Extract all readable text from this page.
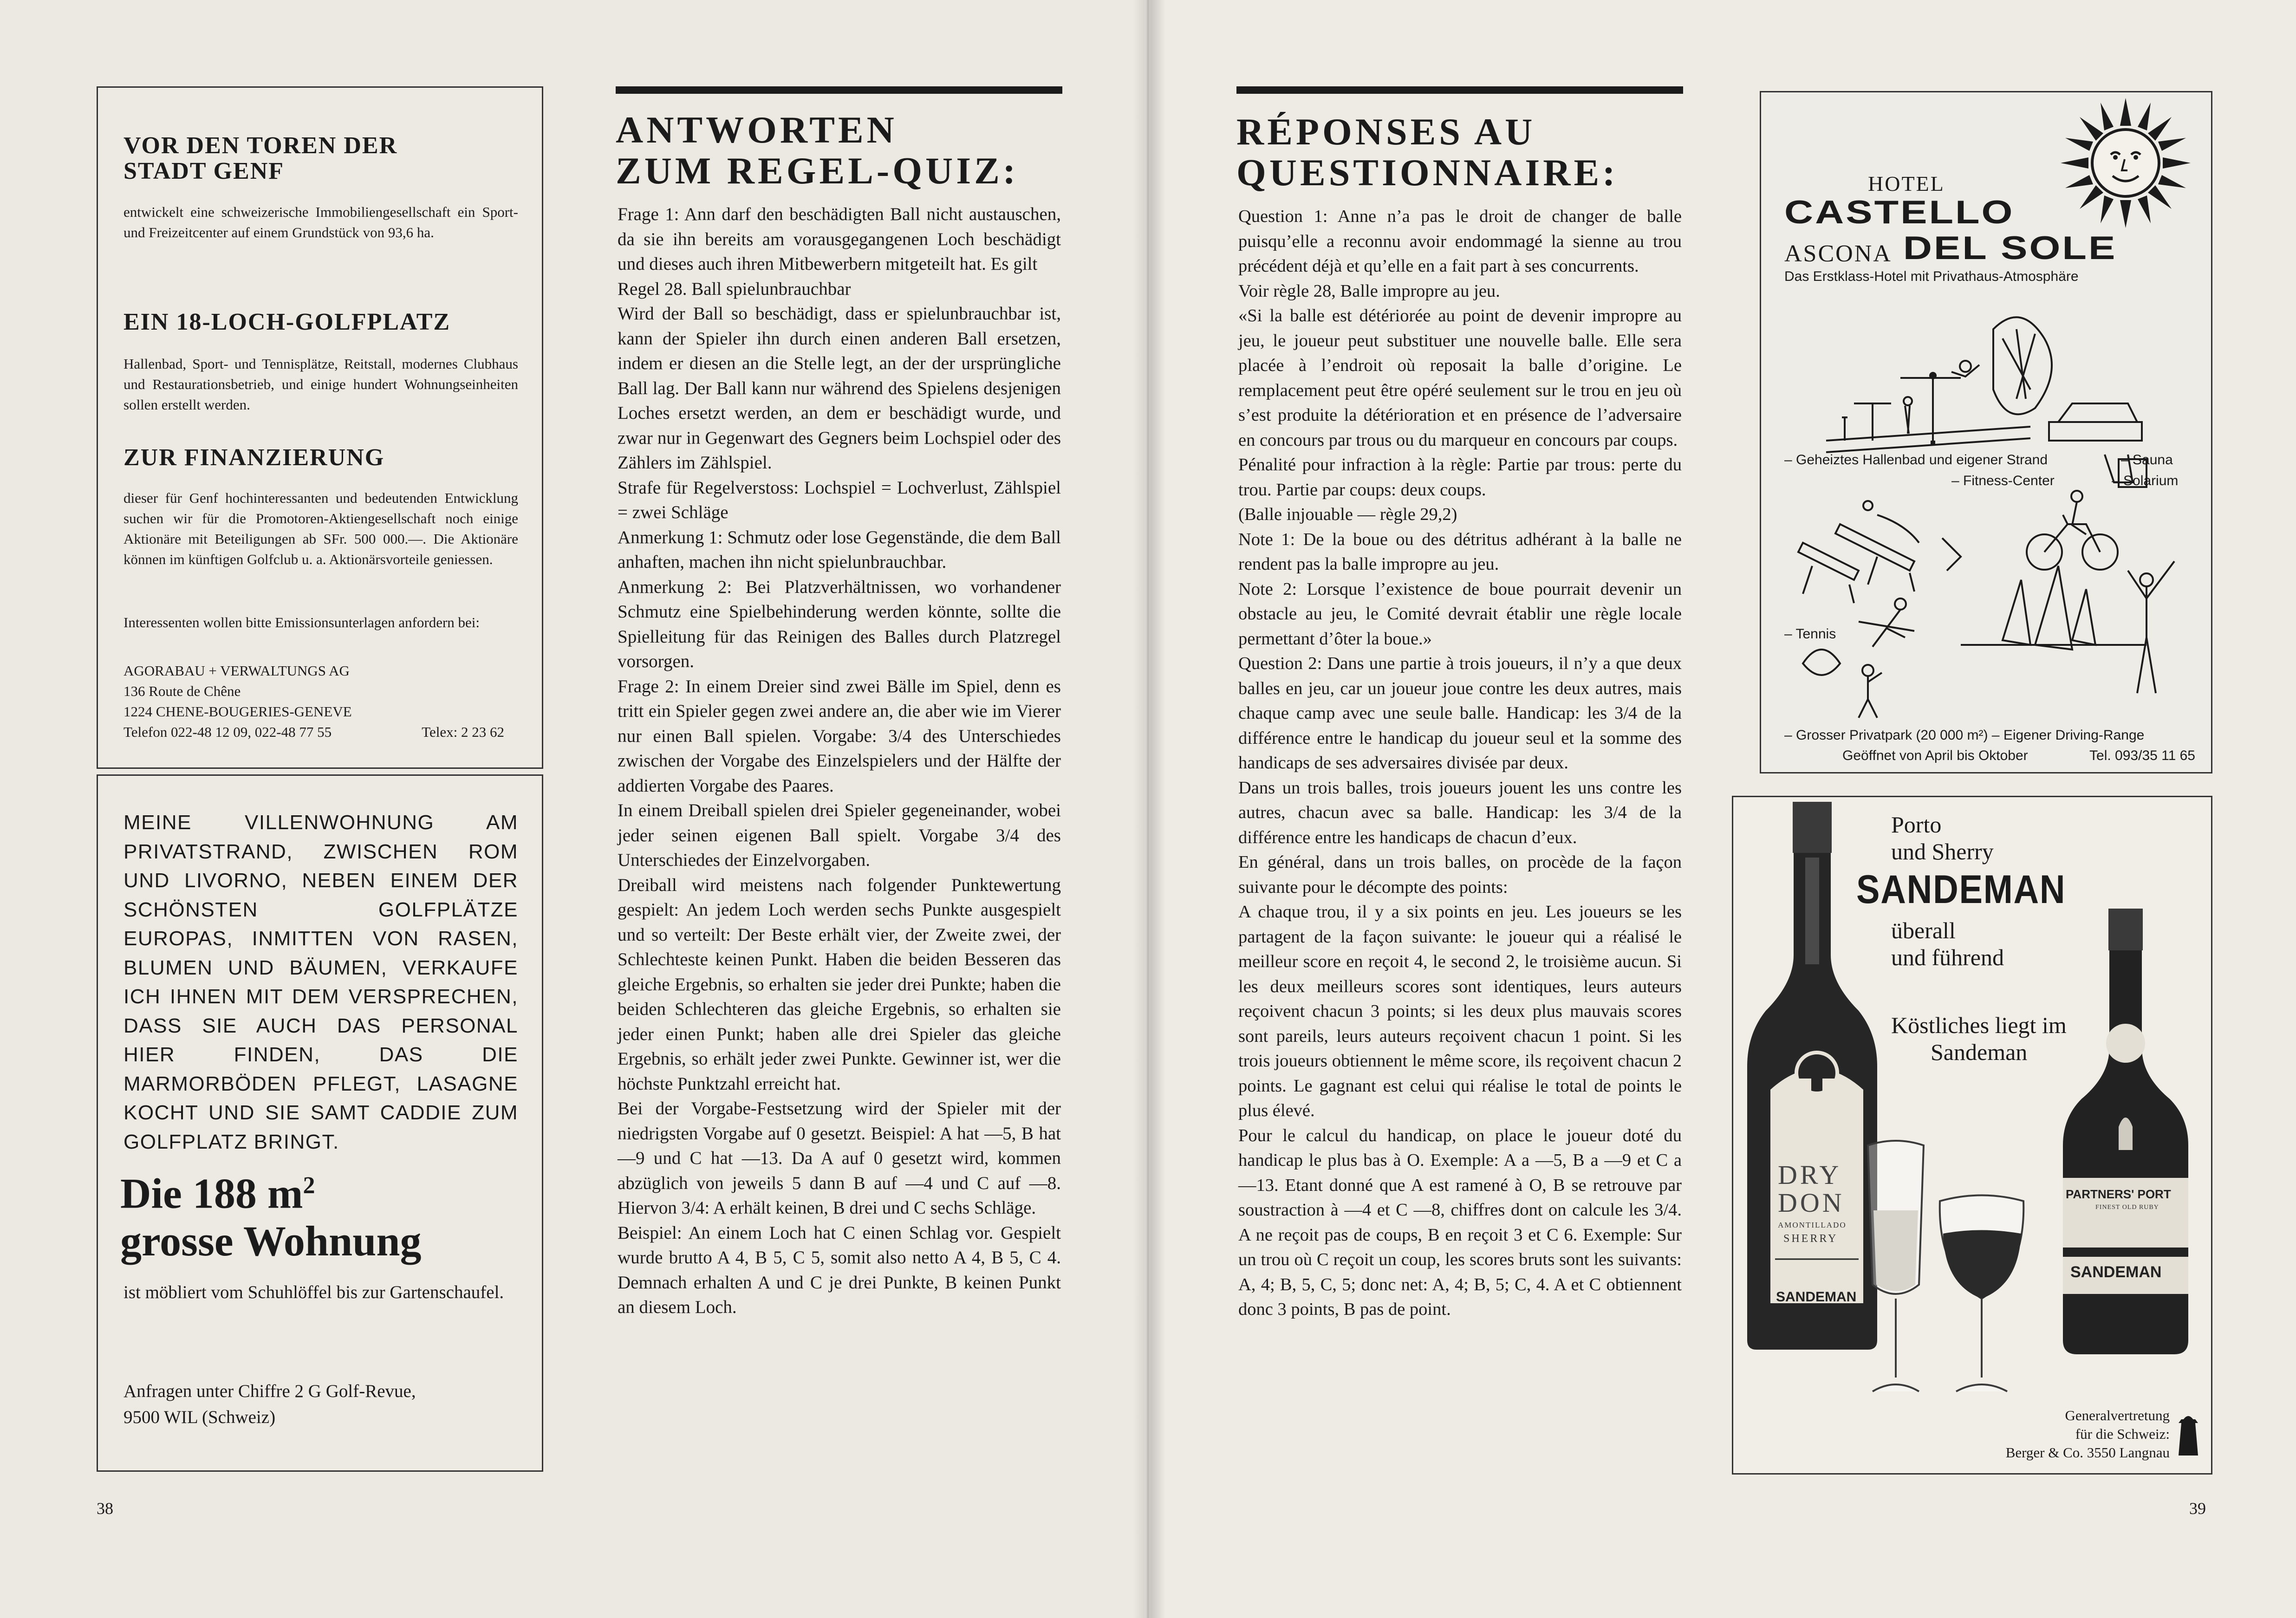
VOR DEN TOREN DER STADT GENF
entwickelt eine schweizerische Immobiliengesellschaft ein Sport- und Freizeitcenter auf einem Grundstück von 93,6 ha.
EIN 18-LOCH-GOLFPLATZ
Hallenbad, Sport- und Tennisplätze, Reitstall, modernes Clubhaus und Restaurationsbetrieb, und einige hundert Wohnungseinheiten sollen erstellt werden.
ZUR FINANZIERUNG
dieser für Genf hochinteressanten und bedeutenden Entwicklung suchen wir für die Promotoren-Aktiengesellschaft noch einige Aktionäre mit Beteiligungen ab SFr. 500 000.—. Die Aktionäre können im künftigen Golfclub u. a. Aktionärsvorteile geniessen.
Interessenten wollen bitte Emissionsunterlagen anfordern bei:
AGORABAU + VERWALTUNGS AG
136 Route de Chêne
1224 CHENE-BOUGERIES-GENEVE
Telefon 022-48 12 09, 022-48 77 55	Telex: 2 23 62
MEINE VILLENWOHNUNG AM PRIVATSTRAND, ZWISCHEN ROM UND LIVORNO, NEBEN EINEM DER SCHÖNSTEN GOLFPLÄTZE EUROPAS, INMITTEN VON RASEN, BLUMEN UND BÄUMEN, VERKAUFE ICH IHNEN MIT DEM VERSPRECHEN, DASS SIE AUCH DAS PERSONAL HIER FINDEN, DAS DIE MARMORBÖDEN PFLEGT, LASAGNE KOCHT UND SIE SAMT CADDIE ZUM GOLFPLATZ BRINGT.
Die 188 $m^2$
grosse Wohnung
ist möbliert vom Schuhlöffel bis zur Gartenschaufel.
Anfragen unter Chiffre 2 G Golf-Revue,
9500 WIL (Schweiz)
ANTWORTEN
ZUM REGEL-QUIZ:

Frage 1: Ann darf den beschädigten Ball nicht austauschen, da sie ihn bereits am vorausgegangenen Loch beschädigt und dieses auch ihren Mitbewerbern mitgeteilt hat. Es gilt

Regel 28. Ball spielunbrauchbar

Wird der Ball so beschädigt, dass er spielunbrauchbar ist, kann der Spieler ihn durch einen anderen Ball ersetzen, indem er diesen an die Stelle legt, an der der ursprüngliche Ball lag. Der Ball kann nur während des Spielens desjenigen Loches ersetzt werden, an dem er beschädigt wurde, und zwar nur in Gegenwart des Gegners beim Lochspiel oder des Zählers im Zählspiel.

Strafe für Regelverstoss: Lochspiel = Lochverlust, Zählspiel = zwei Schläge

Anmerkung 1: Schmutz oder lose Gegenstände, die dem Ball anhaften, machen ihn nicht spielunbrauchbar.

Anmerkung 2: Bei Platzverhältnissen, wo vorhandener Schmutz eine Spielbehinderung werden könnte, sollte die Spielleitung für das Reinigen des Balles durch Platzregel vorsorgen.

Frage 2: In einem Dreier sind zwei Bälle im Spiel, denn es tritt ein Spieler gegen zwei andere an, die aber wie im Vierer nur einen Ball spielen. Vorgabe: 3/4 des Unterschiedes zwischen der Vorgabe des Einzelspielers und der Hälfte der addierten Vorgabe des Paares.

In einem Dreiball spielen drei Spieler gegeneinander, wobei jeder seinen eigenen Ball spielt. Vorgabe 3/4 des Unterschiedes der Einzelvorgaben.

Dreiball wird meistens nach folgender Punktewertung gespielt: An jedem Loch werden sechs Punkte ausgespielt und so verteilt: Der Beste erhält vier, der Zweite zwei, der Schlechteste keinen Punkt. Haben die beiden Besseren das gleiche Ergebnis, so erhalten sie jeder drei Punkte; haben die beiden Schlechteren das gleiche Ergebnis, so erhalten sie jeder einen Punkt; haben alle drei Spieler das gleiche Ergebnis, so erhält jeder zwei Punkte. Gewinner ist, wer die höchste Punktzahl erreicht hat.

Bei der Vorgabe-Festsetzung wird der Spieler mit der niedrigsten Vorgabe auf 0 gesetzt. Beispiel: A hat —5, B hat —9 und C hat —13. Da A auf 0 gesetzt wird, kommen abzüglich von jeweils 5 dann B auf —4 und C auf —8. Hiervon 3/4: A erhält keinen, B drei und C sechs Schläge.

Beispiel: An einem Loch hat C einen Schlag vor. Gespielt wurde brutto A 4, B 5, C 5, somit also netto A 4, B 5, C 4. Demnach erhalten A und C je drei Punkte, B keinen Punkt an diesem Loch.

38
RÉPONSES AU
QUESTIONNAIRE:

Question 1: Anne n’a pas le droit de changer de balle puisqu’elle a reconnu avoir endommagé la sienne au trou précédent déjà et qu’elle en a fait part à ses concurrents.

Voir règle 28, Balle impropre au jeu.

«Si la balle est détériorée au point de devenir impropre au jeu, le joueur peut substituer une nouvelle balle. Elle sera placée à l’endroit où reposait la balle d’origine. Le remplacement peut être opéré seulement sur le trou en jeu où s’est produite la détérioration et en présence de l’adversaire en concours par trous ou du marqueur en concours par coups.

Pénalité pour infraction à la règle: Partie par trous: perte du trou. Partie par coups: deux coups.

(Balle injouable — règle 29,2)

Note 1: De la boue ou des détritus adhérant à la balle ne rendent pas la balle impropre au jeu.

Note 2: Lorsque l’existence de boue pourrait devenir un obstacle au jeu, le Comité devrait établir une règle locale permettant d’ôter la boue.»

Question 2: Dans une partie à trois joueurs, il n’y a que deux balles en jeu, car un joueur joue contre les deux autres, mais chaque camp avec une seule balle. Handicap: les 3/4 de la différence entre le handicap du joueur seul et la somme des handicaps de ses adversaires divisée par deux.

Dans un trois balles, trois joueurs jouent les uns contre les autres, chacun avec sa balle. Handicap: les 3/4 de la différence entre les handicaps de chacun d’eux.

En général, dans un trois balles, on procède de la façon suivante pour le décompte des points:

A chaque trou, il y a six points en jeu. Les joueurs se les partagent de la façon suivante: le joueur qui a réalisé le meilleur score en reçoit 4, le second 2, le troisième aucun. Si les deux meilleurs scores sont identiques, leurs auteurs reçoivent chacun 3 points; si les deux plus mauvais scores sont pareils, leurs auteurs reçoivent chacun 1 point. Si les trois joueurs obtiennent le même score, ils reçoivent chacun 2 points. Le gagnant est celui qui réalise le total de points le plus élevé.

Pour le calcul du handicap, on place le joueur doté du handicap le plus bas à O. Exemple: A a —5, B a —9 et C a —13. Etant donné que A est ramené à O, B se retrouve par soustraction à —4 et C —8, chiffres dont on calcule les 3/4. A ne reçoit pas de coups, B en reçoit 3 et C 6. Exemple: Sur un trou où C reçoit un coup, les scores bruts sont les suivants: A, 4; B, 5, C, 5; donc net: A, 4; B, 5; C, 4. A et C obtiennent donc 3 points, B pas de point.

HOTEL
CASTELLO
ASCONA DEL SOLE
Das Erstklass-Hotel mit Privathaus-Atmosphäre
– Geheiztes Hallenbad und eigener Strand	– Sauna
– Fitness-Center	– Solarium
– Tennis
– Grosser Privatpark (20 000 m²) – Eigener Driving-Range
Geöffnet von April bis Oktober	Tel. 093/35 11 65
Porto
und Sherry
SANDEMAN
überall
und führend
Köstliches liegt im
Sandeman
DRY
DON
AMONTILLADO
SHERRY
SANDEMAN
PARTNERS' PORT
FINEST OLD RUBY
SANDEMAN
Generalvertretung
für die Schweiz:
Berger & Co. 3550 Langnau
39
